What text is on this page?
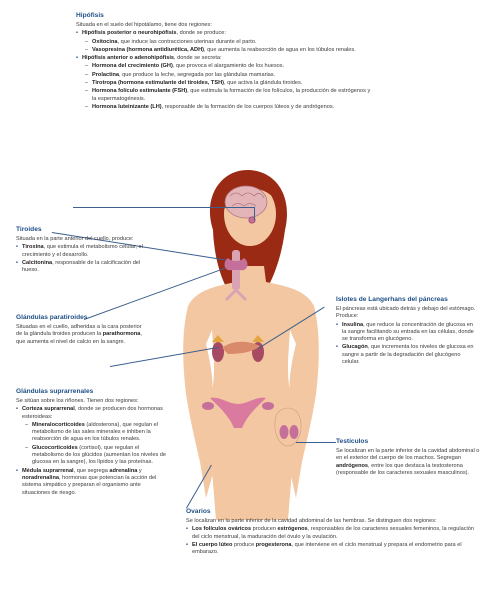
Hipófisis

Situada en el suelo del hipotálamo, tiene dos regiones:

• Hipófisis posterior o neurohipófisis, donde se produce:
– Oxitocina, que induce las contracciones uterinas durante el parto.
– Vasopresina (hormona antidiurética, ADH), que aumenta la reabsorción de agua en los túbulos renales.
• Hipófisis anterior o adenohipófisis, donde se secreta:
– Hormona del crecimiento (GH), que provoca el alargamiento de los huesos.
– Prolactina, que produce la leche, segregada por las glándulas mamarias.
– Tirotropa (hormona estimulante del tiroides, TSH), que activa la glándula tiroides.
– Hormona folículo estimulante (FSH), que estimula la formación de los folículos, la producción de estrógenos y la espermatogénesis.
– Hormona luteinizante (LH), responsable de la formación de los cuerpos lúteos y de andrógenos.
Tiroides

Situada en la parte anterior del cuello, produce:

• Tiroxina, que estimula el metabolismo celular, el crecimiento y el desarrollo.
• Calcitonina, responsable de la calcificación del hueso.
Glándulas paratiroides

Situadas en el cuello, adheridas a la cara posterior de la glándula tiroides producen la parathormona, que aumenta el nivel de calcio en la sangre.

Glándulas suprarrenales

Se sitúan sobre los riñones. Tienen dos regiones:

• Corteza suprarrenal, donde se producen dos hormonas esteroideas:
– Mineralocorticoides (aldosterona), que regulan el metabolismo de las sales minerales e inhiben la reabsorción de agua en los túbulos renales.
– Glucocorticoides (cortisol), que regulan el metabolismo de los glúcidos (aumentan los niveles de glucosa en la sangre), los lípidos y las proteínas.
• Médula suprarrenal, que segrega adrenalina y noradrenalina, hormonas que potencian la acción del sistema simpático y preparan el organismo ante situaciones de riesgo.
Islotes de Langerhans del páncreas

El páncreas está ubicado detrás y debajo del estómago. Produce:

• Insulina, que reduce la concentración de glucosa en la sangre facilitando su entrada en las células, donde se transforma en glucógeno.
• Glucagón, que incrementa los niveles de glucosa en sangre a partir de la degradación del glucógeno celular.
Testículos

Se localizan en la parte inferior de la cavidad abdominal o en el exterior del cuerpo de los machos. Segregan andrógenos, entre los que destaca la testosterona (responsable de los caracteres sexuales masculinos).

Ovarios

Se localizan en la parte inferior de la cavidad abdominal de las hembras. Se distinguen dos regiones:

• Los folículos ováricos producen estrógenos, responsables de los caracteres sexuales femeninos, la regulación del ciclo menstrual, la maduración del óvulo y la ovulación.
• El cuerpo lúteo produce progesterona, que interviene en el ciclo menstrual y prepara el endometrio para el embarazo.
